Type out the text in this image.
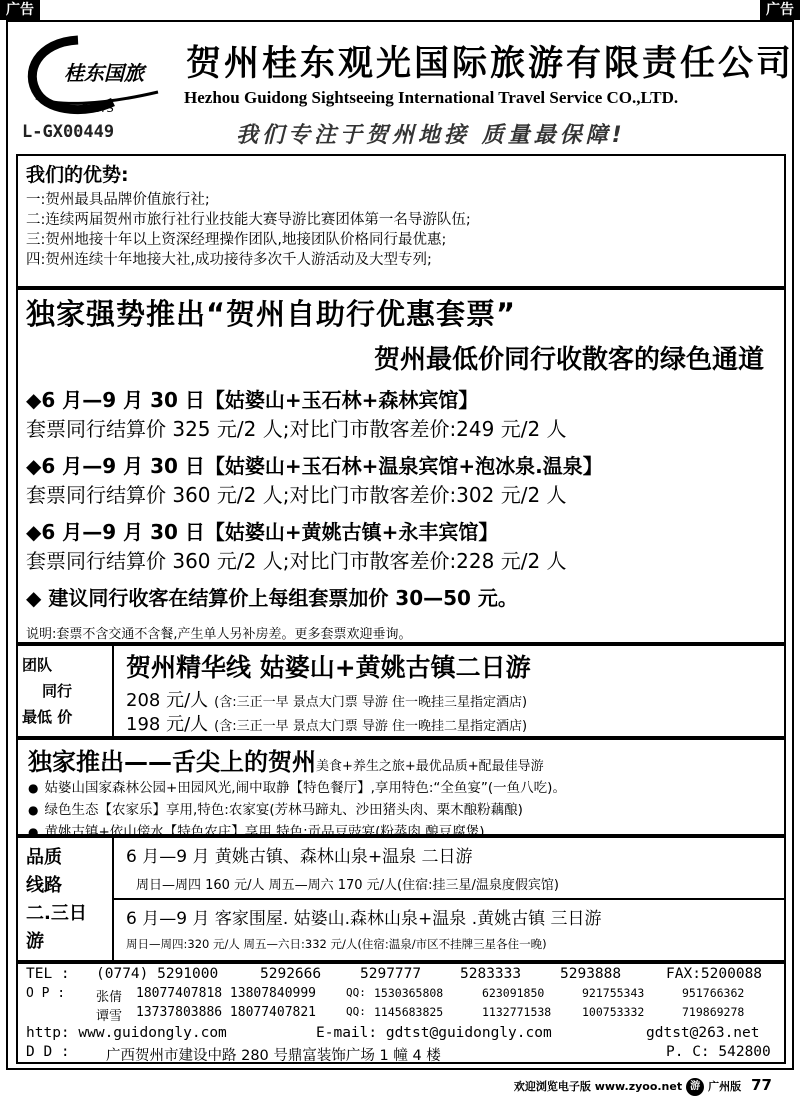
广告	广告
桂东国旅
GDITS
贺州桂东观光国际旅游有限责任公司
Hezhou Guidong Sightseeing International Travel Service CO.,LTD.
L-GX00449	我们专注于贺州地接 质量最保障!
我们的优势:

一:贺州最具品牌价值旅行社;

二:连续两届贺州市旅行社行业技能大赛导游比赛团体第一名导游队伍;

三:贺州地接十年以上资深经理操作团队,地接团队价格同行最优惠;

四:贺州连续十年地接大社,成功接待多次千人游活动及大型专列;

独家强势推出“贺州自助行优惠套票”
贺州最低价同行收散客的绿色通道
◆6 月—9 月 30 日【姑婆山+玉石林+森林宾馆】
套票同行结算价 325 元/2 人;对比门市散客差价:249 元/2 人
◆6 月—9 月 30 日【姑婆山+玉石林+温泉宾馆+泡冰泉.温泉】
套票同行结算价 360 元/2 人;对比门市散客差价:302 元/2 人
◆6 月—9 月 30 日【姑婆山+黄姚古镇+永丰宾馆】
套票同行结算价 360 元/2 人;对比门市散客差价:228 元/2 人
◆ 建议同行收客在结算价上每组套票加价 30—50 元。
说明:套票不含交通不含餐,产生单人另补房差。更多套票欢迎垂询。
团队
同行
最低 价
贺州精华线 姑婆山+黄姚古镇二日游
208 元/人 (含:三正一早 景点大门票 导游 住一晚挂三星指定酒店)
198 元/人 (含:三正一早 景点大门票 导游 住一晚挂二星指定酒店)
独家推出——舌尖上的贺州美食+养生之旅+最优品质+配最佳导游
● 姑婆山国家森林公园+田园风光,闹中取静【特色餐厅】,享用特色:“全鱼宴”(一鱼八吃)。
● 绿色生态【农家乐】享用,特色:农家宴(芳林马蹄丸、沙田猪头肉、栗木酿粉藕酿)
● 黄姚古镇+依山傍水【特色农庄】享用,特色:贡品豆豉宴(粉蒸肉.酿豆腐煲)
品质
线路
二.三日
游
6 月—9 月 黄姚古镇、森林山泉+温泉 二日游
周日—周四 160 元/人 周五—周六 170 元/人(住宿:挂三星/温泉度假宾馆)
6 月—9 月 客家围屋. 姑婆山.森林山泉+温泉 .黄姚古镇 三日游
周日—周四:320 元/人 周五—六日:332 元/人(住宿:温泉/市区不挂牌三星各住一晚)
TEL : (0774) 5291000	5292666	5297777	5283333	5293888	FAX:5200088
O P : 张倩 18077407818 13807840999	QQ: 1530365808	623091850	921755343	951766362
谭雪 13737803886 18077407821	QQ: 1145683825	1132771538	100753332	719869278
http: www.guidongly.com	E-mail: gdtst@guidongly.com	gdtst@263.net
D D :	广西贺州市建设中路 280 号鼎富装饰广场 1 幢 4 楼	P. C: 542800
欢迎浏览电子版 www.zyoo.net 游 广州版 77
